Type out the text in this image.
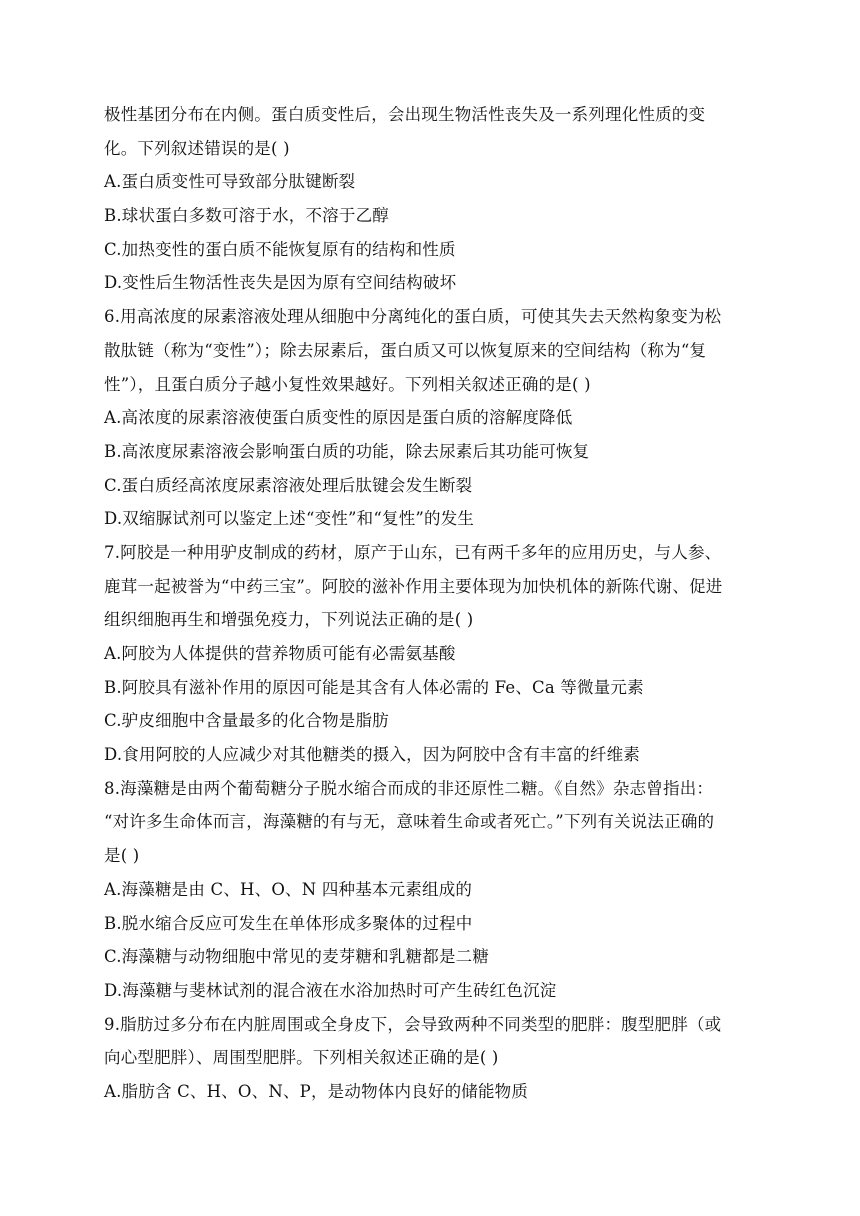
极性基团分布在内侧。蛋白质变性后，会出现生物活性丧失及一系列理化性质的变
化。下列叙述错误的是( )
A.蛋白质变性可导致部分肽键断裂
B.球状蛋白多数可溶于水，不溶于乙醇
C.加热变性的蛋白质不能恢复原有的结构和性质
D.变性后生物活性丧失是因为原有空间结构破坏
6.用高浓度的尿素溶液处理从细胞中分离纯化的蛋白质，可使其失去天然构象变为松
散肽链（称为“变性”）；除去尿素后，蛋白质又可以恢复原来的空间结构（称为“复
性”），且蛋白质分子越小复性效果越好。下列相关叙述正确的是( )
A.高浓度的尿素溶液使蛋白质变性的原因是蛋白质的溶解度降低
B.高浓度尿素溶液会影响蛋白质的功能，除去尿素后其功能可恢复
C.蛋白质经高浓度尿素溶液处理后肽键会发生断裂
D.双缩脲试剂可以鉴定上述“变性”和“复性”的发生
7.阿胶是一种用驴皮制成的药材，原产于山东，已有两千多年的应用历史，与人参、
鹿茸一起被誉为“中药三宝”。阿胶的滋补作用主要体现为加快机体的新陈代谢、促进
组织细胞再生和增强免疫力，下列说法正确的是( )
A.阿胶为人体提供的营养物质可能有必需氨基酸
B.阿胶具有滋补作用的原因可能是其含有人体必需的 Fe、Ca 等微量元素
C.驴皮细胞中含量最多的化合物是脂肪
D.食用阿胶的人应减少对其他糖类的摄入，因为阿胶中含有丰富的纤维素
8.海藻糖是由两个葡萄糖分子脱水缩合而成的非还原性二糖。《自然》杂志曾指出：
“对许多生命体而言，海藻糖的有与无，意味着生命或者死亡。”下列有关说法正确的
是( )
A.海藻糖是由 C、H、O、N 四种基本元素组成的
B.脱水缩合反应可发生在单体形成多聚体的过程中
C.海藻糖与动物细胞中常见的麦芽糖和乳糖都是二糖
D.海藻糖与斐林试剂的混合液在水浴加热时可产生砖红色沉淀
9.脂肪过多分布在内脏周围或全身皮下，会导致两种不同类型的肥胖：腹型肥胖（或
向心型肥胖）、周围型肥胖。下列相关叙述正确的是( )
A.脂肪含 C、H、O、N、P，是动物体内良好的储能物质
